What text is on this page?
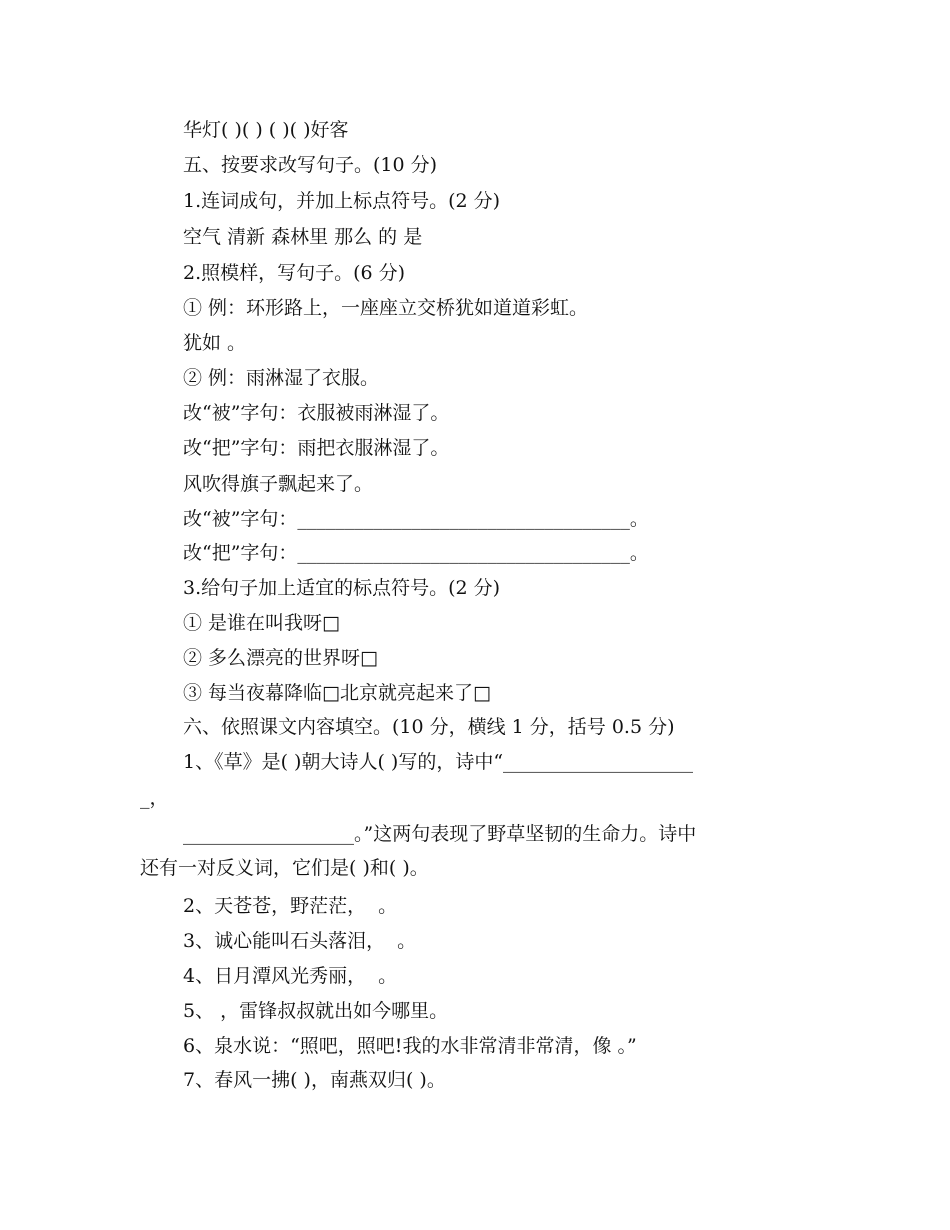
华灯( )( ) ( )( )好客
五、按要求改写句子。(10 分)
1.连词成句，并加上标点符号。(2 分)
空气 清新 森林里 那么 的 是
2.照模样，写句子。(6 分)
① 例：环形路上，一座座立交桥犹如道道彩虹。
犹如 。
② 例：雨淋湿了衣服。
改“被”字句：衣服被雨淋湿了。
改“把”字句：雨把衣服淋湿了。
风吹得旗子飘起来了。
改“被”字句：___________________________________。
改“把”字句：___________________________________。
3.给句子加上适宜的标点符号。(2 分)
① 是谁在叫我呀□
② 多么漂亮的世界呀□
③ 每当夜幕降临□北京就亮起来了□
六、依照课文内容填空。(10 分，横线 1 分，括号 0.5 分)
1、《草》是( )朝大诗人( )写的，诗中“____________________
_，
__________________。”这两句表现了野草坚韧的生命力。诗中
还有一对反义词，它们是( )和( )。
2、天苍苍，野茫茫，  。
3、诚心能叫石头落泪，  。
4、日月潭风光秀丽，  。
5、 ，雷锋叔叔就出如今哪里。
6、泉水说：“照吧，照吧!我的水非常清非常清，像 。”
7、春风一拂( )，南燕双归( )。
